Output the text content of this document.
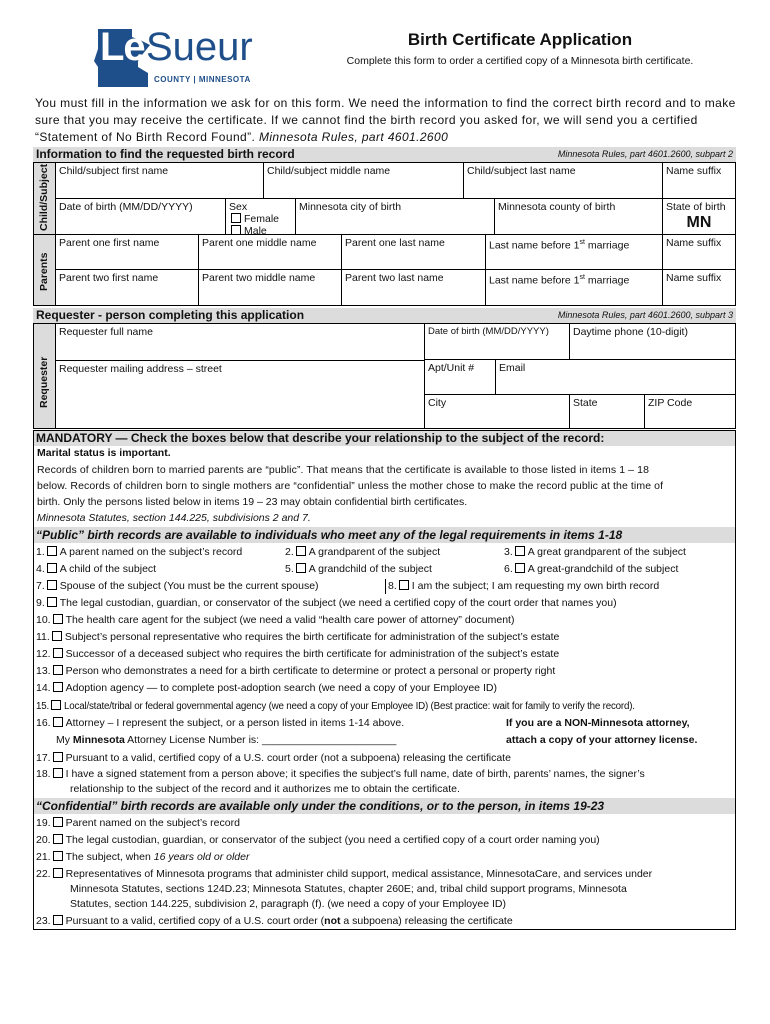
Le Sueur
COUNTY | MINNESOTA
Birth Certificate Application
Complete this form to order a certified copy of a Minnesota birth certificate.
You must fill in the information we ask for on this form. We need the information to find the correct birth record and to make sure that you may receive the certificate. If we cannot find the birth record you asked for, we will send you a certified “Statement of No Birth Record Found”. Minnesota Rules, part 4601.2600
Information to find the requested birth record	Minnesota Rules, part 4601.2600, subpart 2
Child/Subject
Parents
Child/subject first name	Child/subject middle name	Child/subject last name	Name suffix
Date of birth (MM/DD/YYYY)	Sex
Female
Male
Minnesota city of birth	Minnesota county of birth	State of birth
MN
Parent one first name	Parent one middle name	Parent one last name	Last name before 1st marriage	Name suffix
Parent two first name	Parent two middle name	Parent two last name	Last name before 1st marriage	Name suffix
Requester - person completing this application	Minnesota Rules, part 4601.2600, subpart 3
Requester
Requester full name	Date of birth (MM/DD/YYYY)	Daytime phone (10-digit)
Requester mailing address – street	Apt/Unit #	Email
City	State	ZIP Code
MANDATORY — Check the boxes below that describe your relationship to the subject of the record:
Marital status is important.
Records of children born to married parents are “public”. That means that the certificate is available to those listed in items 1 – 18
below. Records of children born to single mothers are “confidential” unless the mother chose to make the record public at the time of
birth. Only the persons listed below in items 19 – 23 may obtain confidential birth certificates.
Minnesota Statutes, section 144.225, subdivisions 2 and 7.
“Public” birth records are available to individuals who meet any of the legal requirements in items 1-18
1. A parent named on the subject’s record	2. A grandparent of the subject	3. A great grandparent of the subject
4. A child of the subject	5. A grandchild of the subject	6. A great-grandchild of the subject
7. Spouse of the subject (You must be the current spouse)	8. I am the subject; I am requesting my own birth record
9. The legal custodian, guardian, or conservator of the subject (we need a certified copy of the court order that names you)
10. The health care agent for the subject (we need a valid “health care power of attorney” document)
11. Subject’s personal representative who requires the birth certificate for administration of the subject’s estate
12. Successor of a deceased subject who requires the birth certificate for administration of the subject’s estate
13. Person who demonstrates a need for a birth certificate to determine or protect a personal or property right
14. Adoption agency — to complete post-adoption search (we need a copy of your Employee ID)
15. Local/state/tribal or federal governmental agency (we need a copy of your Employee ID) (Best practice: wait for family to verify the record).
16. Attorney – I represent the subject, or a person listed in items 1-14 above.	If you are a NON-Minnesota attorney,
My Minnesota Attorney License Number is: _______________________	attach a copy of your attorney license.
17. Pursuant to a valid, certified copy of a U.S. court order (not a subpoena) releasing the certificate
18. I have a signed statement from a person above; it specifies the subject’s full name, date of birth, parents’ names, the signer’s
relationship to the subject of the record and it authorizes me to obtain the certificate.
“Confidential” birth records are available only under the conditions, or to the person, in items 19-23
19. Parent named on the subject’s record
20. The legal custodian, guardian, or conservator of the subject (you need a certified copy of a court order naming you)
21. The subject, when 16 years old or older
22. Representatives of Minnesota programs that administer child support, medical assistance, MinnesotaCare, and services under
Minnesota Statutes, sections 124D.23; Minnesota Statutes, chapter 260E; and, tribal child support programs, Minnesota
Statutes, section 144.225, subdivision 2, paragraph (f). (we need a copy of your Employee ID)
23. Pursuant to a valid, certified copy of a U.S. court order (not a subpoena) releasing the certificate
